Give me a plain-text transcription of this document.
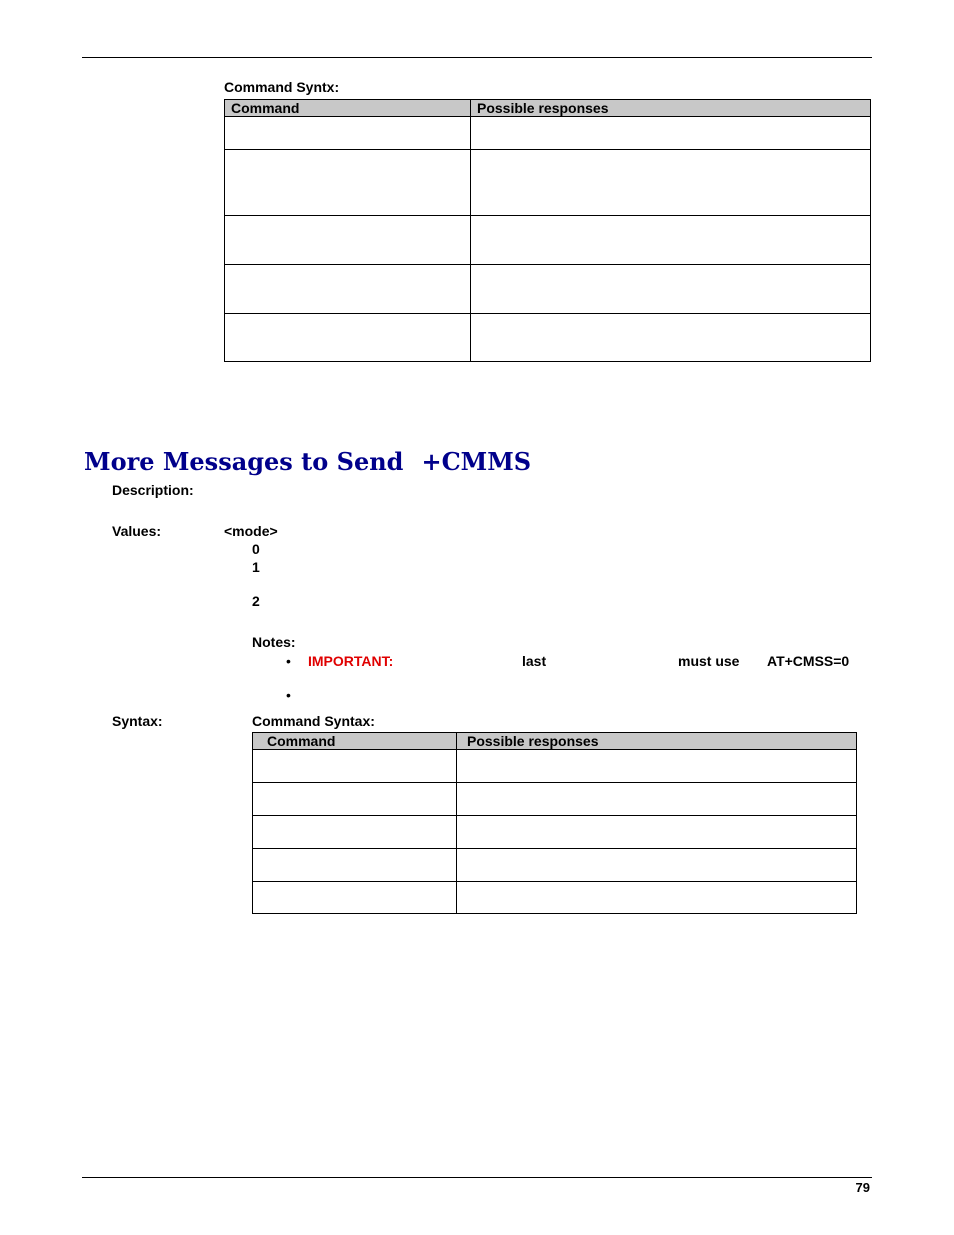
Command Syntx:
Command	Possible responses

More Messages to Send +CMMS
Description:
Values:	<mode>
0
1
2
Notes:
• IMPORTANT:	last	must use AT+CMSS=0
•
Syntax:	Command Syntax:
Command	Possible responses

79
